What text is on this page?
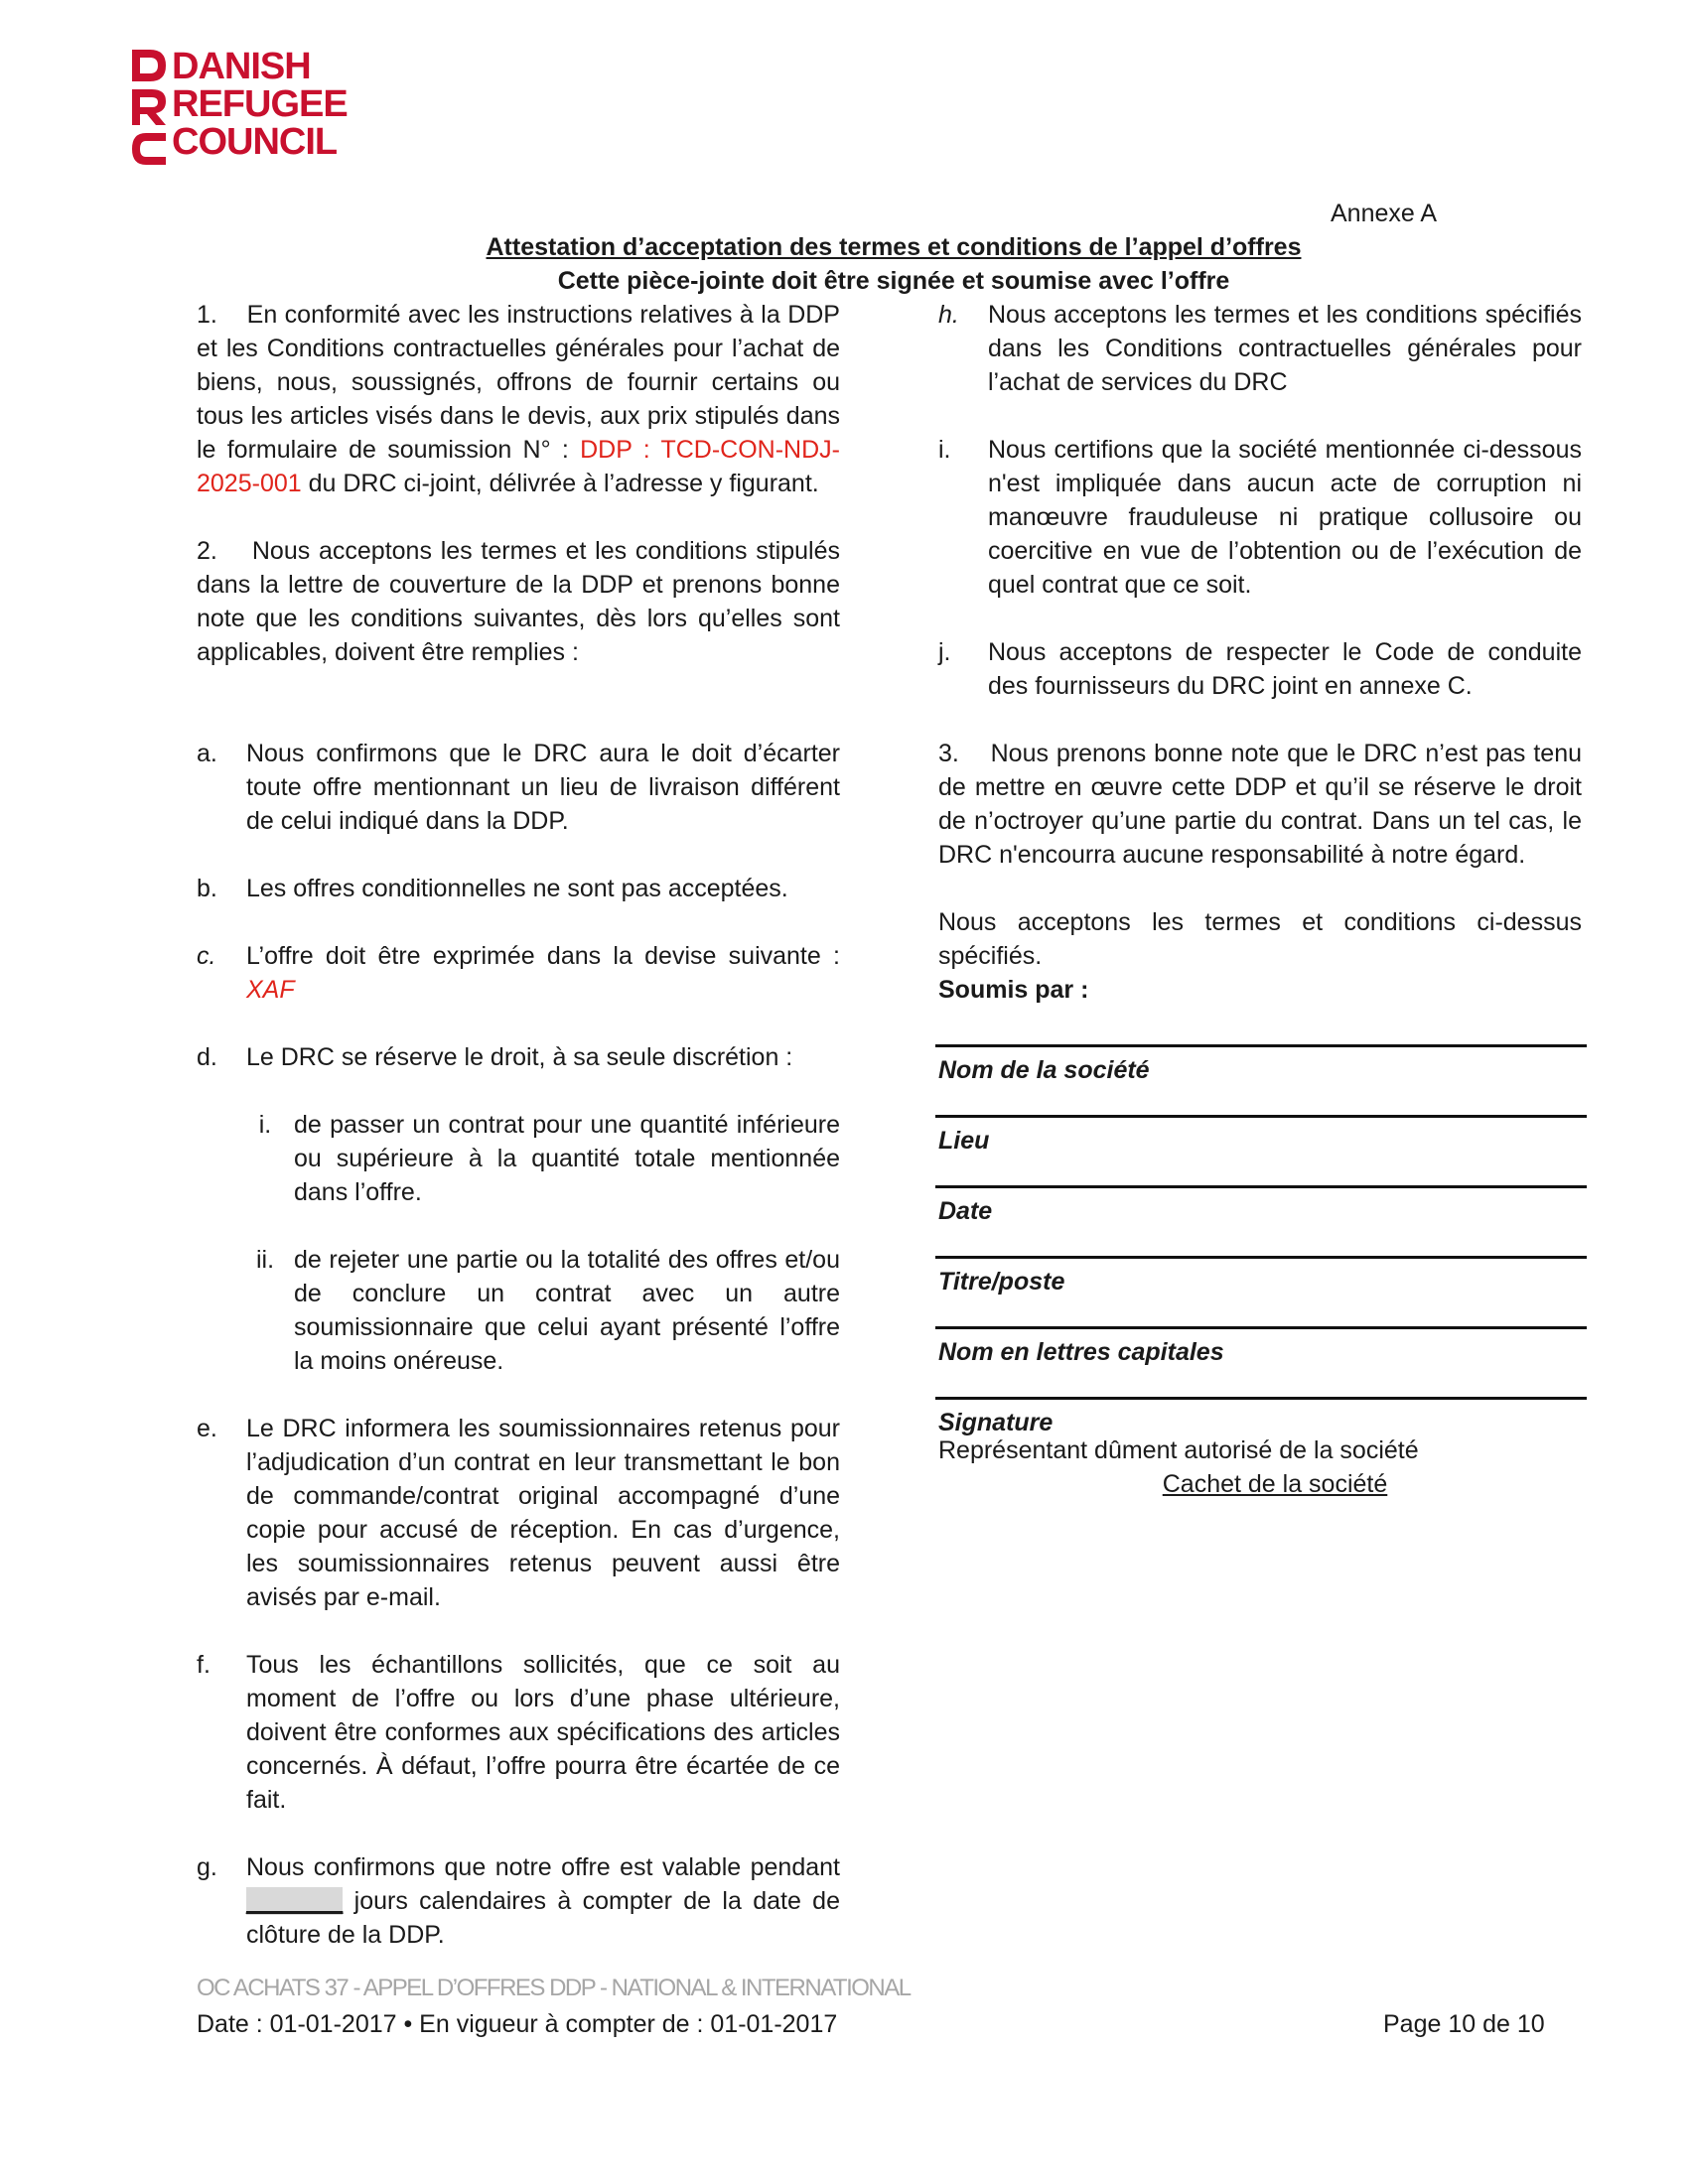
DANISH
REFUGEE
COUNCIL
Annexe A
Attestation d’acceptation des termes et conditions de l’appel d’offres
Cette pièce-jointe doit être signée et soumise avec l’offre

1. En conformité avec les instructions relatives à la DDP et les Conditions contractuelles générales pour l’achat de biens, nous, soussignés, offrons de fournir certains ou tous les articles visés dans le devis, aux prix stipulés dans le formulaire de soumission N° : DDP : TCD-CON-NDJ-2025-001 du DRC ci-joint, délivrée à l’adresse y figurant.

2. Nous acceptons les termes et les conditions stipulés dans la lettre de couverture de la DDP et prenons bonne note que les conditions suivantes, dès lors qu’elles sont applicables, doivent être remplies :

a.	Nous confirmons que le DRC aura le doit d’écarter toute offre mentionnant un lieu de livraison différent de celui indiqué dans la DDP.
b.	Les offres conditionnelles ne sont pas acceptées.
c.	L’offre doit être exprimée dans la devise suivante : XAF
d.	Le DRC se réserve le droit, à sa seule discrétion :
i. de passer un contrat pour une quantité inférieure ou supérieure à la quantité totale mentionnée dans l’offre.
ii. de rejeter une partie ou la totalité des offres et/ou de conclure un contrat avec un autre soumissionnaire que celui ayant présenté l’offre la moins onéreuse.
e.	Le DRC informera les soumissionnaires retenus pour l’adjudication d’un contrat en leur transmettant le bon de commande/contrat original accompagné d’une copie pour accusé de réception. En cas d’urgence, les soumissionnaires retenus peuvent aussi être avisés par e-mail.
f.	Tous les échantillons sollicités, que ce soit au moment de l’offre ou lors d’une phase ultérieure, doivent être conformes aux spécifications des articles concernés. À défaut, l’offre pourra être écartée de ce fait.
g.	Nous confirmons que notre offre est valable pendant _______ jours calendaires à compter de la date de clôture de la DDP.
h.	Nous acceptons les termes et les conditions spécifiés dans les Conditions contractuelles générales pour l’achat de services du DRC
i.	Nous certifions que la société mentionnée ci-dessous n'est impliquée dans aucun acte de corruption ni manœuvre frauduleuse ni pratique collusoire ou coercitive en vue de l’obtention ou de l’exécution de quel contrat que ce soit.
j.	Nous acceptons de respecter le Code de conduite des fournisseurs du DRC joint en annexe C.

3. Nous prenons bonne note que le DRC n’est pas tenu de mettre en œuvre cette DDP et qu’il se réserve le droit de n’octroyer qu’une partie du contrat. Dans un tel cas, le DRC n'encourra aucune responsabilité à notre égard.

Nous acceptons les termes et conditions ci-dessus spécifiés.

Soumis par :

Nom de la société
Lieu
Date
Titre/poste
Nom en lettres capitales
Signature

Représentant dûment autorisé de la société

Cachet de la société

OC ACHATS 37 - APPEL D’OFFRES DDP - NATIONAL & INTERNATIONAL
Date : 01-01-2017 • En vigueur à compter de : 01-01-2017	Page 10 de 10
